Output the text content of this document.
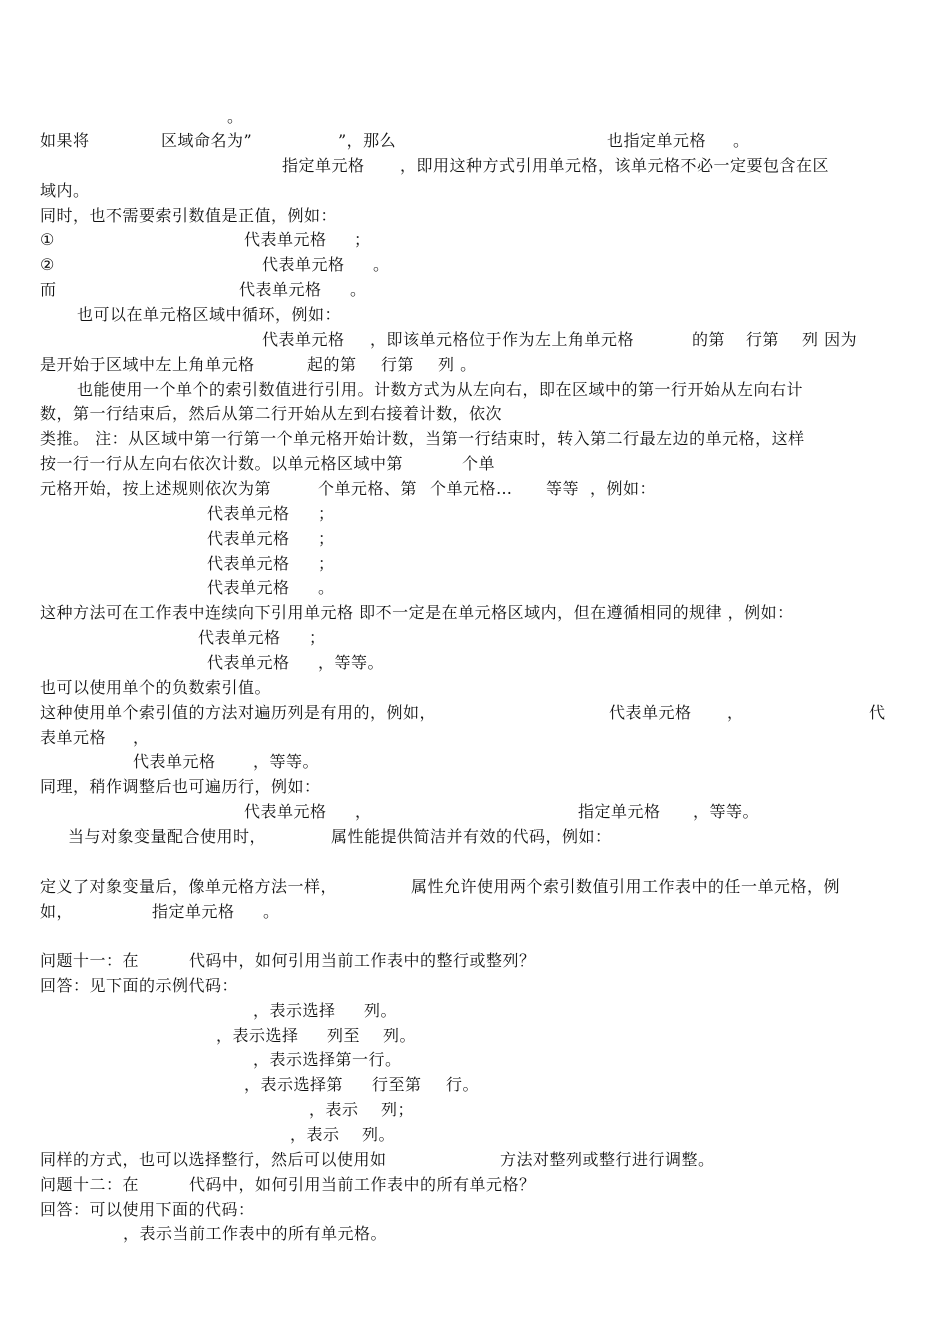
。
如果将	区域命名为”	”，那么	也指定单元格 。
指定单元格 ，即用这种方式引用单元格，该单元格不必一定要包含在区
域内。
同时，也不需要索引数值是正值，例如：
①	代表单元格 ；
②	代表单元格 。
而	代表单元格 。
也可以在单元格区域中循环，例如：
代表单元格 ，即该单元格位于作为左上角单元格	的第 行第 列 因为
是开始于区域中左上角单元格	起的第 行第 列 。
也能使用一个单个的索引数值进行引用。计数方式为从左向右，即在区域中的第一行开始从左向右计
数，第一行结束后，然后从第二行开始从左到右接着计数，依次
类推。 注：从区域中第一行第一个单元格开始计数，当第一行结束时，转入第二行最左边的单元格，这样
按一行一行从左向右依次计数。以单元格区域中第	个单
元格开始，按上述规则依次为第	个单元格、第 个单元格… 等等 ，例如：
代表单元格 ；
代表单元格 ；
代表单元格 ；
代表单元格 。
这种方法可在工作表中连续向下引用单元格 即不一定是在单元格区域内，但在遵循相同的规律 ，例如：
代表单元格 ；
代表单元格 ，等等。
也可以使用单个的负数索引值。
这种使用单个索引值的方法对遍历列是有用的，例如，	代表单元格 ，	代
表单元格 ，
代表单元格 ，等等。
同理，稍作调整后也可遍历行，例如：
代表单元格 ，	指定单元格 ，等等。
当与对象变量配合使用时，	属性能提供简洁并有效的代码，例如：
定义了对象变量后，像单元格方法一样，	属性允许使用两个索引数值引用工作表中的任一单元格，例
如，	指定单元格 。
问题十一：在	代码中，如何引用当前工作表中的整行或整列？
回答：见下面的示例代码：
，表示选择 列。
，表示选择 列至 列。
，表示选择第一行。
，表示选择第 行至第 行。
，表示 列；
，表示 列。
同样的方式，也可以选择整行，然后可以使用如	方法对整列或整行进行调整。
问题十二：在	代码中，如何引用当前工作表中的所有单元格？
回答：可以使用下面的代码：
，表示当前工作表中的所有单元格。
